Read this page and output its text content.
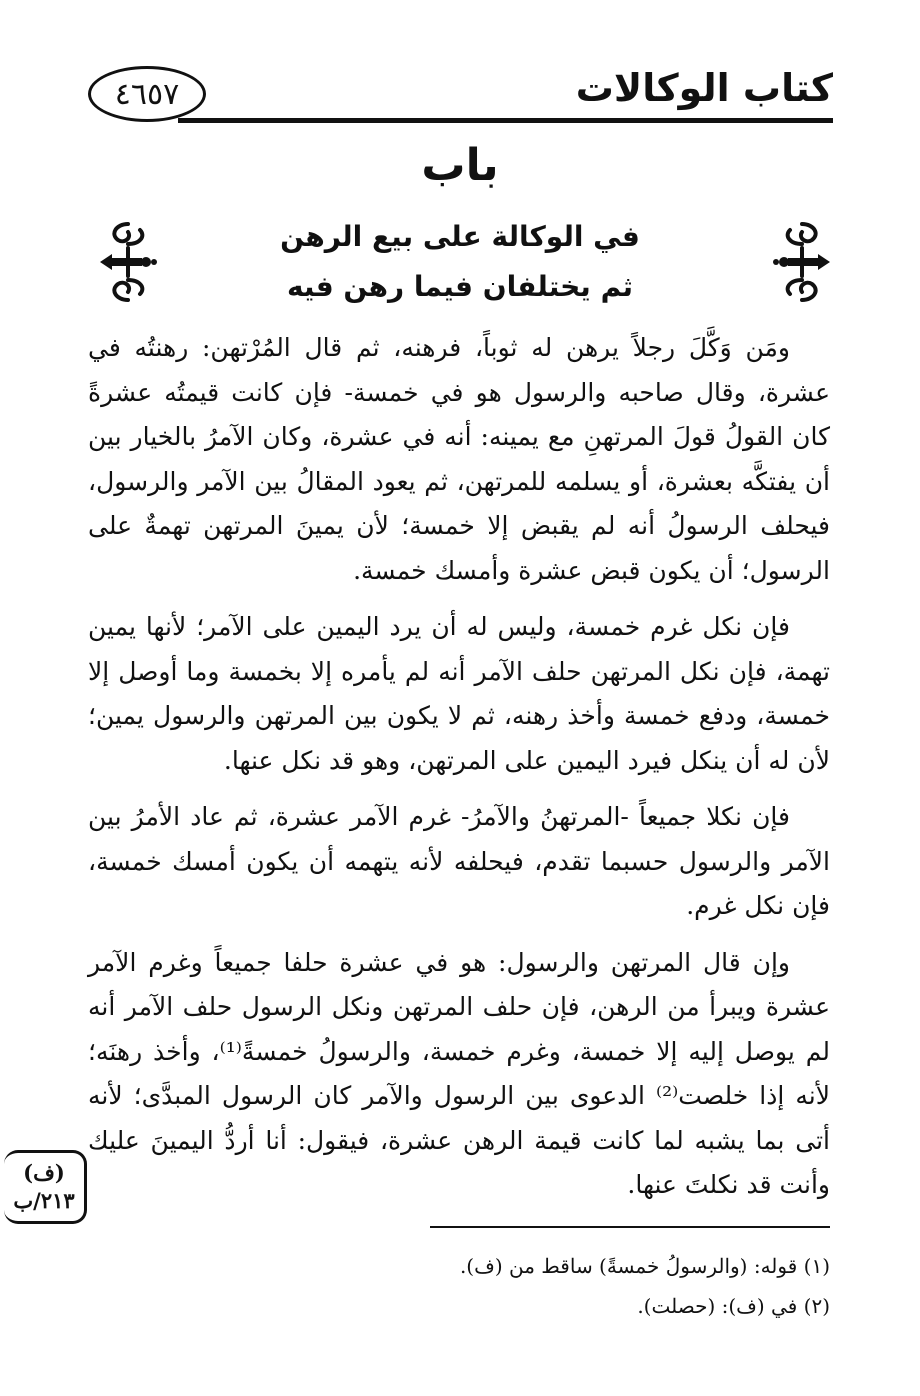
٤٦٥٧	كتاب الوكالات
باب
في الوكالة على بيع الرهن
ثم يختلفان فيما رهن فيه

ومَن وَكَّلَ رجلاً يرهن له ثوباً، فرهنه، ثم قال المُرْتهن: رهنتُه في عشرة، وقال صاحبه والرسول هو في خمسة- فإن كانت قيمتُه عشرةً كان القولُ قولَ المرتهنِ مع يمينه: أنه في عشرة، وكان الآمرُ بالخيار بين أن يفتكَّه بعشرة، أو يسلمه للمرتهن، ثم يعود المقالُ بين الآمر والرسول، فيحلف الرسولُ أنه لم يقبض إلا خمسة؛ لأن يمينَ المرتهن تهمةٌ على الرسول؛ أن يكون قبض عشرة وأمسك خمسة.

فإن نكل غرم خمسة، وليس له أن يرد اليمين على الآمر؛ لأنها يمين تهمة، فإن نكل المرتهن حلف الآمر أنه لم يأمره إلا بخمسة وما أوصل إلا خمسة، ودفع خمسة وأخذ رهنه، ثم لا يكون بين المرتهن والرسول يمين؛ لأن له أن ينكل فيرد اليمين على المرتهن، وهو قد نكل عنها.

فإن نكلا جميعاً -المرتهنُ والآمرُ- غرم الآمر عشرة، ثم عاد الأمرُ بين الآمر والرسول حسبما تقدم، فيحلفه لأنه يتهمه أن يكون أمسك خمسة، فإن نكل غرم.

وإن قال المرتهن والرسول: هو في عشرة حلفا جميعاً وغرم الآمر عشرة ويبرأ من الرهن، فإن حلف المرتهن ونكل الرسول حلف الآمر أنه لم يوصل إليه إلا خمسة، وغرم خمسة، والرسولُ خمسةً⁽¹⁾، وأخذ رهنَه؛ لأنه إذا خلصت⁽²⁾ الدعوى بين الرسول والآمر كان الرسول المبدَّى؛ لأنه أتى بما يشبه لما كانت قيمة الرهن عشرة، فيقول: أنا أردُّ اليمينَ عليك وأنت قد نكلتَ عنها.

(ف)
٢١٣/ب
(١) قوله: (والرسولُ خمسةً) ساقط من (ف).
(٢) في (ف): (حصلت).
